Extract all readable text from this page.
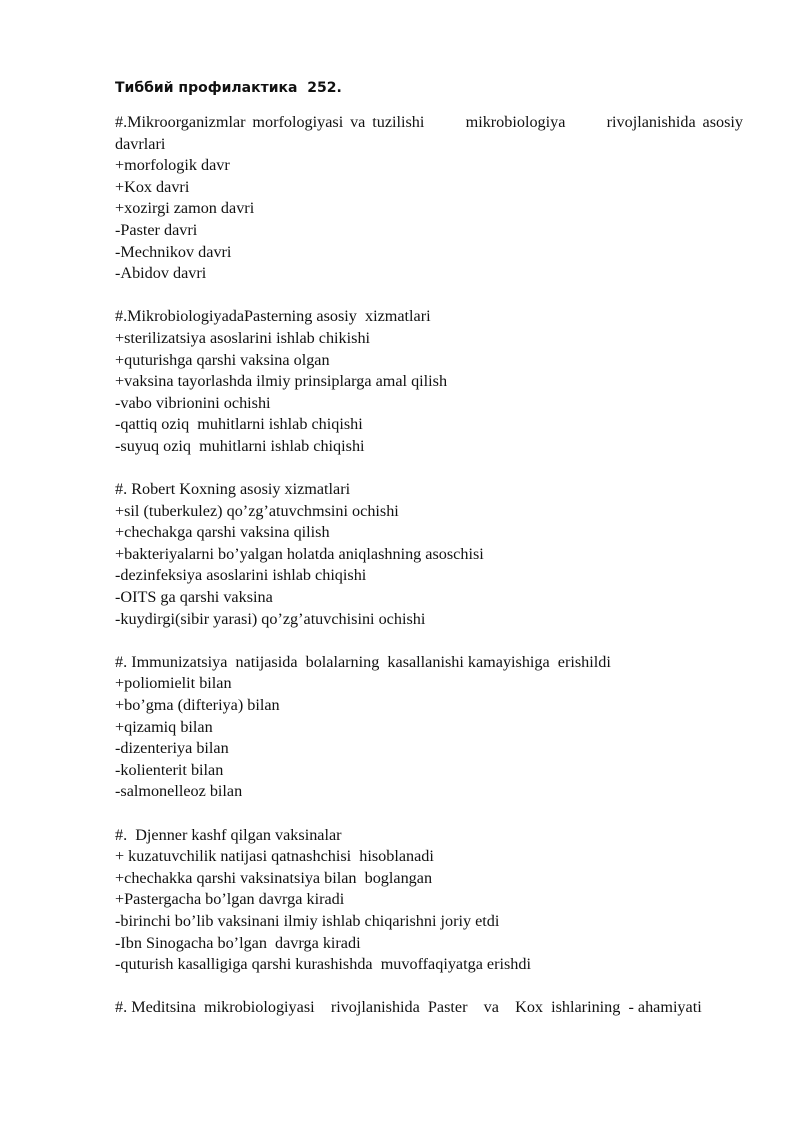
Тиббий профилактика  252.

#.Mikroorganizmlar morfologiyasi va tuzilishi      mikrobiologiya      rivojlanishida asosiy davrlari

+morfologik davr

+Kox davri

+xozirgi zamon davri

-Paster davri

-Mechnikov davri

-Abidov davri

#.MikrobiologiyadaPasterning asosiy  xizmatlari

+sterilizatsiya asoslarini ishlab chikishi

+quturishga qarshi vaksina olgan

+vaksina tayorlashda ilmiy prinsiplarga amal qilish

-vabo vibrionini ochishi

-qattiq oziq  muhitlarni ishlab chiqishi

-suyuq oziq  muhitlarni ishlab chiqishi

#. Robert Koxning asosiy xizmatlari

+sil (tuberkulez) qo’zg’atuvchmsini ochishi

+chechakga qarshi vaksina qilish

+bakteriyalarni bo’yalgan holatda aniqlashning asoschisi

-dezinfeksiya asoslarini ishlab chiqishi

-OITS ga qarshi vaksina

-kuydirgi(sibir yarasi) qo’zg’atuvchisini ochishi

#. Immunizatsiya  natijasida  bolalarning  kasallanishi kamayishiga  erishildi

+poliomielit bilan

+bo’gma (difteriya) bilan

+qizamiq bilan

-dizenteriya bilan

-kolienterit bilan

-salmonelleoz bilan

#.  Djenner kashf qilgan vaksinalar

+ kuzatuvchilik natijasi qatnashchisi  hisoblanadi

+chechakka qarshi vaksinatsiya bilan  boglangan

+Pastergacha bo’lgan davrga kiradi

-birinchi bo’lib vaksinani ilmiy ishlab chiqarishni joriy etdi

-Ibn Sinogacha bo’lgan  davrga kiradi

-quturish kasalligiga qarshi kurashishda  muvoffaqiyatga erishdi

#. Meditsina  mikrobiologiyasi    rivojlanishida  Paster    va    Kox  ishlarining  - ahamiyati
